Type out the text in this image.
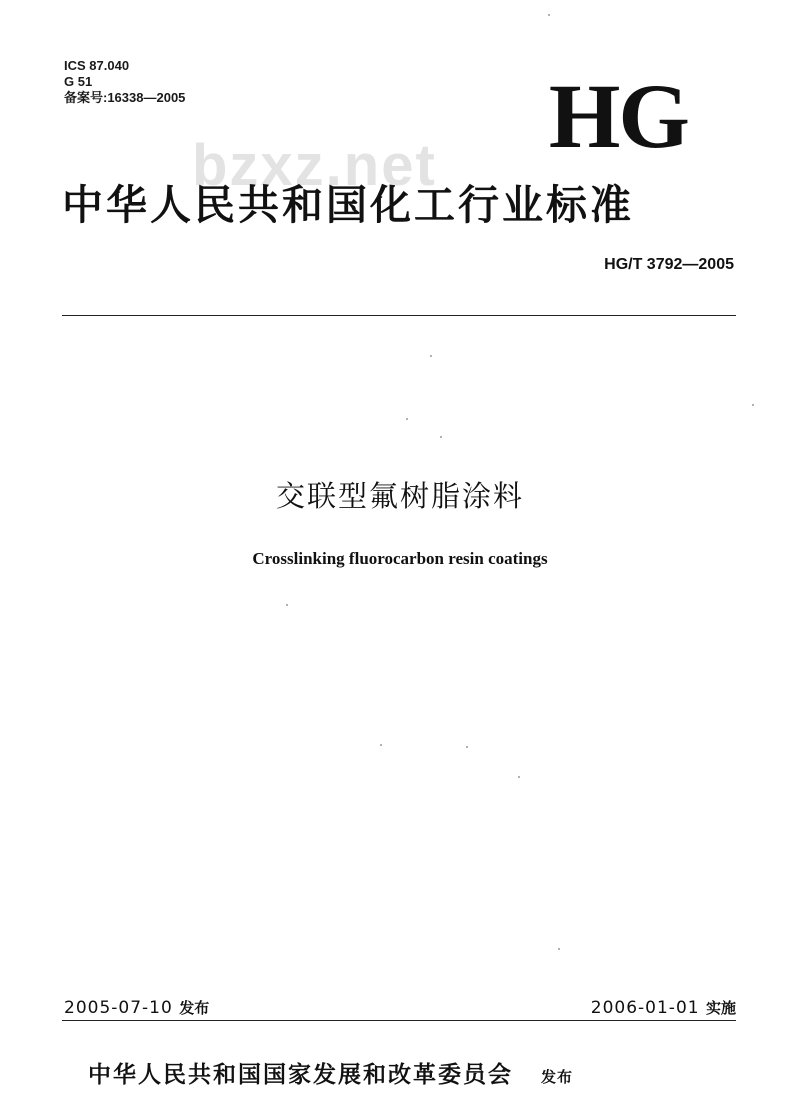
ICS 87.040
G 51
备案号:16338—2005	HG
bzxz.net
中华人民共和国化工行业标准
HG/T 3792—2005
交联型氟树脂涂料
Crosslinking fluorocarbon resin coatings
2005-07-10 发布	2006-01-01 实施
中华人民共和国国家发展和改革委员会 发布
